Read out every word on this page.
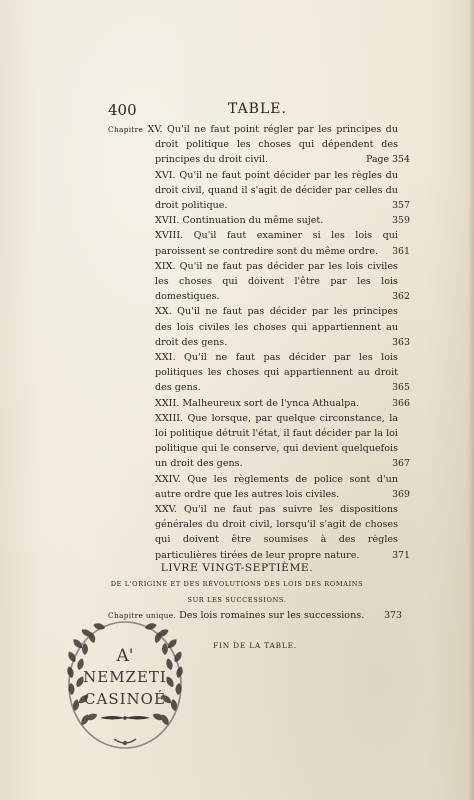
400	TABLE.
Chapitre XV. Qu'il ne faut point régler par les principes du droit politique les choses qui dépendent des principes du droit civil.	Page 354
XVI. Qu'il ne faut point décider par les règles du droit civil, quand il s'agit de décider par celles du droit politique.	357
XVII. Continuation du même sujet.	359
XVIII. Qu'il faut examiner si les lois qui paroissent se contredire sont du même ordre.	361
XIX. Qu'il ne faut pas décider par les lois civiles les choses qui doivent l'être par les lois domestiques.	362
XX. Qu'il ne faut pas décider par les principes des lois civiles les choses qui appartiennent au droit des gens.	363
XXI. Qu'il ne faut pas décider par les lois politiques les choses qui appartiennent au droit des gens.	365
XXII. Malheureux sort de l'ynca Athualpa.	366
XXIII. Que lorsque, par quelque circonstance, la loi politique détruit l'état, il faut décider par la loi politique qui le conserve, qui devient quelquefois un droit des gens.	367
XXIV. Que les règlements de police sont d'un autre ordre que les autres lois civiles.	369
XXV. Qu'il ne faut pas suivre les dispositions générales du droit civil, lorsqu'il s'agit de choses qui doivent être soumises à des règles particulières tirées de leur propre nature.	371
LIVRE VINGT-SEPTIÈME.
DE L'ORIGINE ET DES RÉVOLUTIONS DES LOIS DES ROMAINS
SUR LES SUCCESSIONS.
Chapitre unique. Des lois romaines sur les successions. 373
FIN DE LA TABLE.
A'
NEMZETI
CASINOÉ
